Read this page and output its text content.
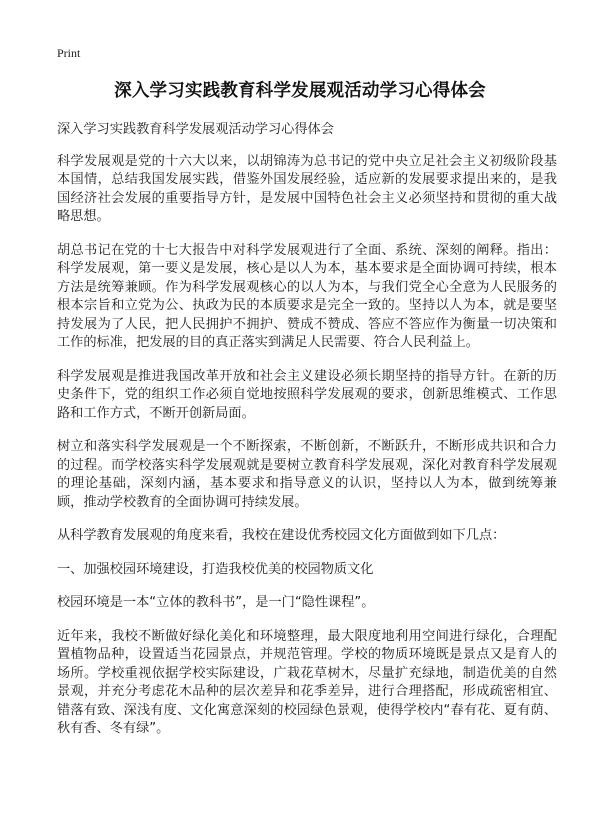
Print
深入学习实践教育科学发展观活动学习心得体会

深入学习实践教育科学发展观活动学习心得体会

科学发展观是党的十六大以来，以胡锦涛为总书记的党中央立足社会主义初级阶段基本国情，总结我国发展实践，借鉴外国发展经验，适应新的发展要求提出来的，是我国经济社会发展的重要指导方针，是发展中国特色社会主义必须坚持和贯彻的重大战略思想。

胡总书记在党的十七大报告中对科学发展观进行了全面、系统、深刻的阐释。指出：科学发展观，第一要义是发展，核心是以人为本，基本要求是全面协调可持续，根本方法是统筹兼顾。作为科学发展观核心的以人为本，与我们党全心全意为人民服务的根本宗旨和立党为公、执政为民的本质要求是完全一致的。坚持以人为本，就是要坚持发展为了人民，把人民拥护不拥护、赞成不赞成、答应不答应作为衡量一切决策和工作的标准，把发展的目的真正落实到满足人民需要、符合人民利益上。

科学发展观是推进我国改革开放和社会主义建设必须长期坚持的指导方针。在新的历史条件下，党的组织工作必须自觉地按照科学发展观的要求，创新思维模式、工作思路和工作方式，不断开创新局面。

树立和落实科学发展观是一个不断探索，不断创新，不断跃升，不断形成共识和合力的过程。而学校落实科学发展观就是要树立教育科学发展观，深化对教育科学发展观的理论基础，深刻内涵，基本要求和指导意义的认识，坚持以人为本，做到统筹兼顾，推动学校教育的全面协调可持续发展。

从科学教育发展观的角度来看，我校在建设优秀校园文化方面做到如下几点：

一、加强校园环境建设，打造我校优美的校园物质文化

校园环境是一本“立体的教科书”，是一门“隐性课程”。

近年来，我校不断做好绿化美化和环境整理，最大限度地利用空间进行绿化，合理配置植物品种，设置适当花园景点，并规范管理。学校的物质环境既是景点又是育人的场所。学校重视依据学校实际建设，广栽花草树木，尽量扩充绿地，制造优美的自然景观，并充分考虑花木品种的层次差异和花季差异，进行合理搭配，形成疏密相宜、错落有致、深浅有度、文化寓意深刻的校园绿色景观，使得学校内“春有花、夏有荫、秋有香、冬有绿”。
